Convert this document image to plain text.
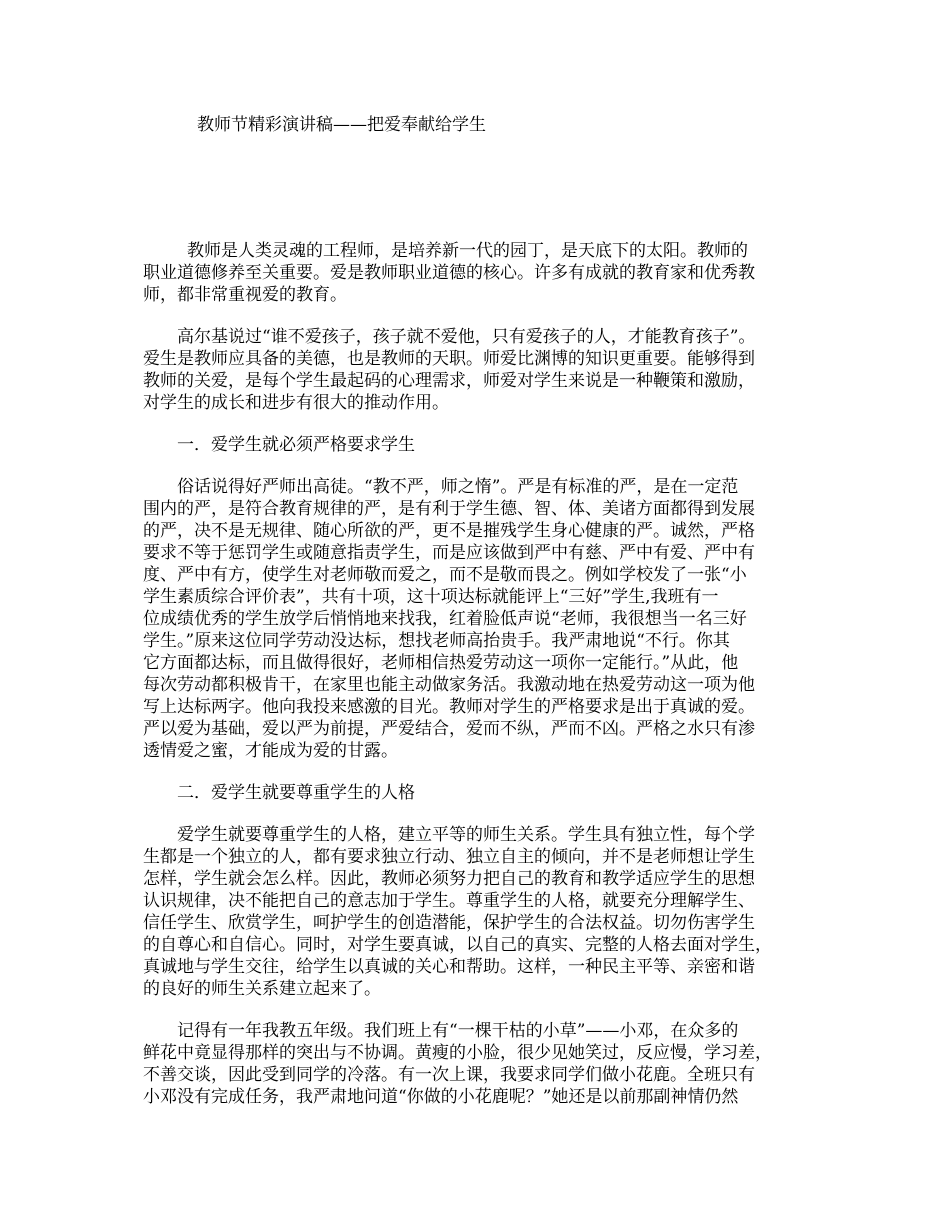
教师节精彩演讲稿——把爱奉献给学生
教师是人类灵魂的工程师，是培养新一代的园丁，是天底下的太阳。教师的
职业道德修养至关重要。爱是教师职业道德的核心。许多有成就的教育家和优秀教
师，都非常重视爱的教育。
高尔基说过“谁不爱孩子，孩子就不爱他，只有爱孩子的人，才能教育孩子”。
爱生是教师应具备的美德，也是教师的天职。师爱比渊博的知识更重要。能够得到
教师的关爱，是每个学生最起码的心理需求，师爱对学生来说是一种鞭策和激励，
对学生的成长和进步有很大的推动作用。
一．爱学生就必须严格要求学生
俗话说得好严师出高徒。“教不严，师之惰”。严是有标准的严，是在一定范
围内的严，是符合教育规律的严，是有利于学生德、智、体、美诸方面都得到发展
的严，决不是无规律、随心所欲的严，更不是摧残学生身心健康的严。诚然，严格
要求不等于惩罚学生或随意指责学生，而是应该做到严中有慈、严中有爱、严中有
度、严中有方，使学生对老师敬而爱之，而不是敬而畏之。例如学校发了一张“小
学生素质综合评价表”，共有十项，这十项达标就能评上“三好”学生,我班有一
位成绩优秀的学生放学后悄悄地来找我，红着脸低声说“老师，我很想当一名三好
学生。”原来这位同学劳动没达标，想找老师高抬贵手。我严肃地说“不行。你其
它方面都达标，而且做得很好，老师相信热爱劳动这一项你一定能行。”从此，他
每次劳动都积极肯干，在家里也能主动做家务活。我激动地在热爱劳动这一项为他
写上达标两字。他向我投来感激的目光。教师对学生的严格要求是出于真诚的爱。
严以爱为基础，爱以严为前提，严爱结合，爱而不纵，严而不凶。严格之水只有渗
透情爱之蜜，才能成为爱的甘露。
二．爱学生就要尊重学生的人格
爱学生就要尊重学生的人格，建立平等的师生关系。学生具有独立性，每个学
生都是一个独立的人，都有要求独立行动、独立自主的倾向，并不是老师想让学生
怎样，学生就会怎么样。因此，教师必须努力把自己的教育和教学适应学生的思想
认识规律，决不能把自己的意志加于学生。尊重学生的人格，就要充分理解学生、
信任学生、欣赏学生，呵护学生的创造潜能，保护学生的合法权益。切勿伤害学生
的自尊心和自信心。同时，对学生要真诚，以自己的真实、完整的人格去面对学生，
真诚地与学生交往，给学生以真诚的关心和帮助。这样，一种民主平等、亲密和谐
的良好的师生关系建立起来了。
记得有一年我教五年级。我们班上有“一棵干枯的小草”——小邓，在众多的
鲜花中竟显得那样的突出与不协调。黄瘦的小脸，很少见她笑过，反应慢，学习差，
不善交谈，因此受到同学的冷落。有一次上课，我要求同学们做小花鹿。全班只有
小邓没有完成任务，我严肃地问道“你做的小花鹿呢？”她还是以前那副神情仍然
